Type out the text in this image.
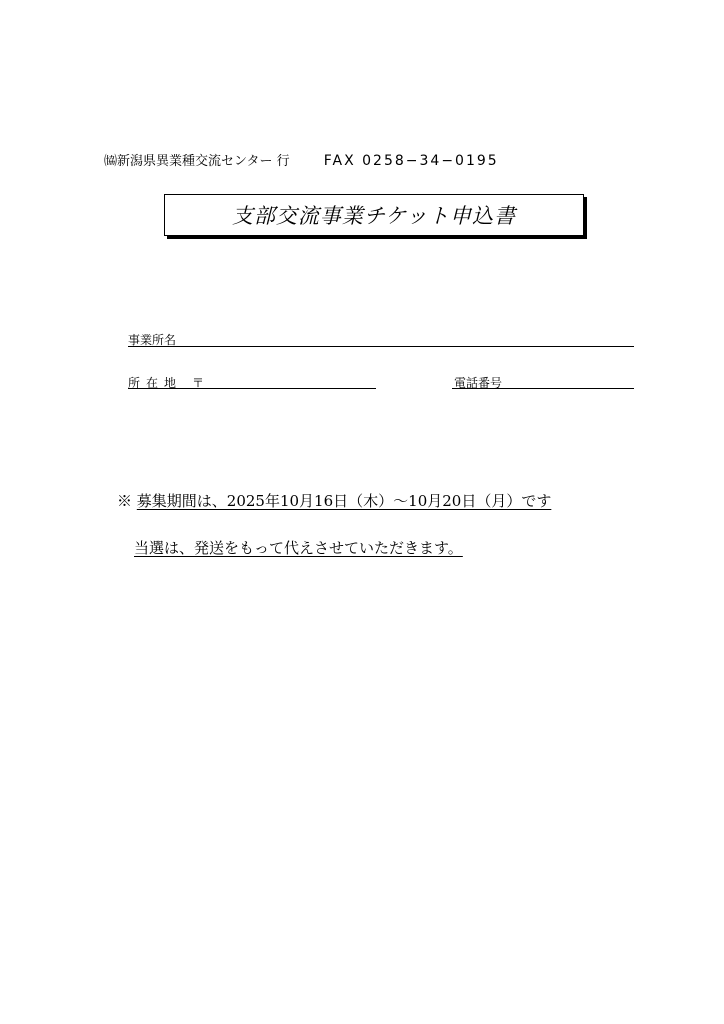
㈿新潟県異業種交流センター 行 FAX 0258−34−0195
支部交流事業チケット申込書
事業所名
所在地 〒	電話番号
※ 募集期間は、2025年10月16日（木）〜10月20日（月）です
当選は、発送をもって代えさせていただきます。
